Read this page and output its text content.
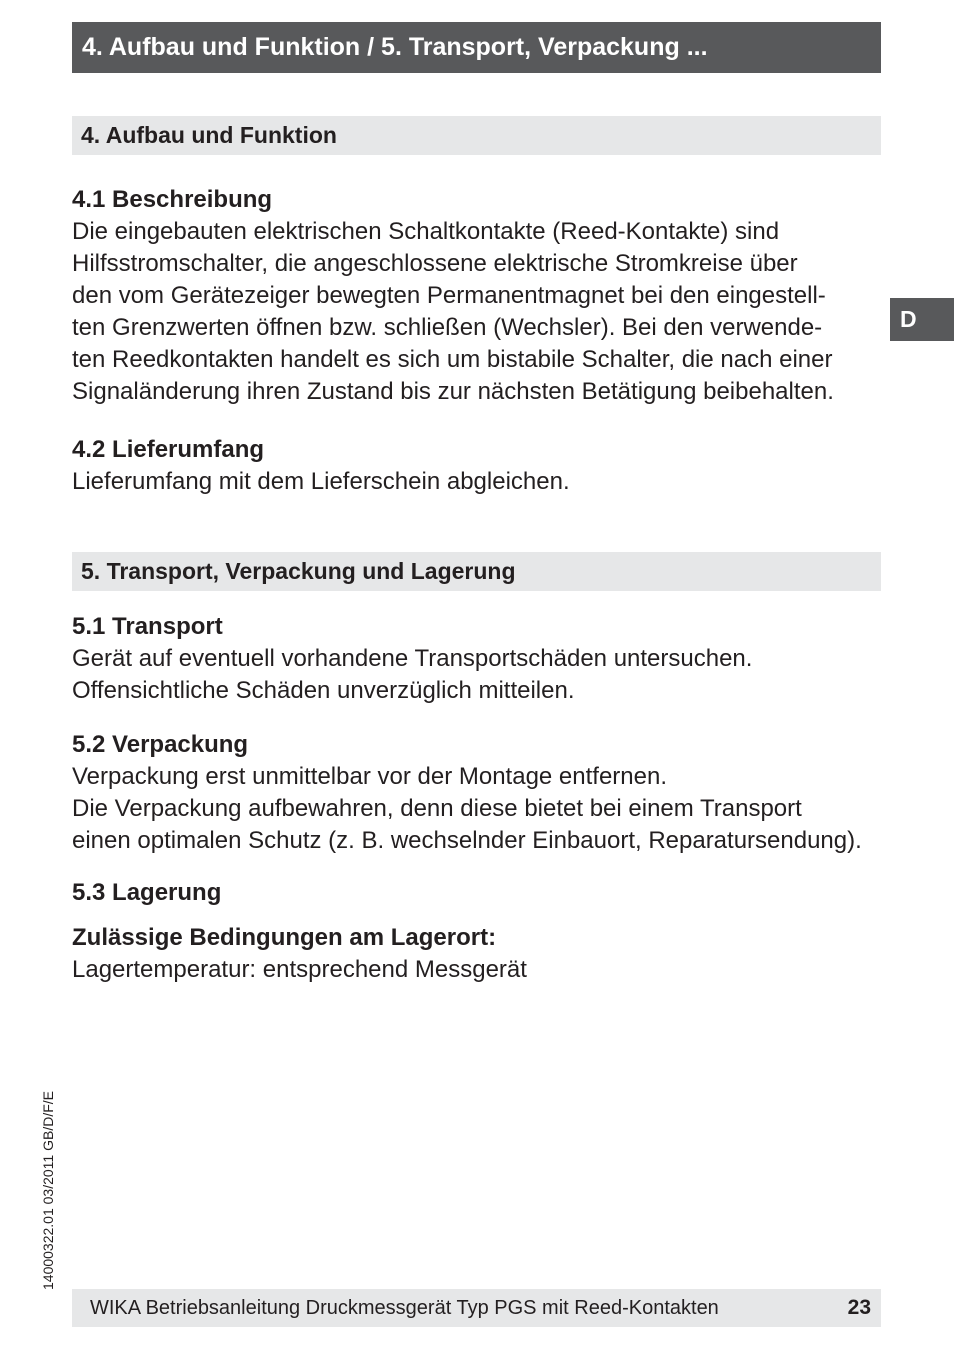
4. Aufbau und Funktion / 5. Transport, Verpackung ...
D
4. Aufbau und Funktion
4.1 Beschreibung
Die eingebauten elektrischen Schaltkontakte (Reed-Kontakte) sind
Hilfsstromschalter, die angeschlossene elektrische Stromkreise über
den vom Gerätezeiger bewegten Permanentmagnet bei den eingestell-
ten Grenzwerten öffnen bzw. schließen (Wechsler). Bei den verwende-
ten Reedkontakten handelt es sich um bistabile Schalter, die nach einer
Signaländerung ihren Zustand bis zur nächsten Betätigung beibehalten.
4.2 Lieferumfang
Lieferumfang mit dem Lieferschein abgleichen.
5. Transport, Verpackung und Lagerung
5.1 Transport
Gerät auf eventuell vorhandene Transportschäden untersuchen.
Offensichtliche Schäden unverzüglich mitteilen.
5.2 Verpackung
Verpackung erst unmittelbar vor der Montage entfernen.
Die Verpackung aufbewahren, denn diese bietet bei einem Transport
einen optimalen Schutz (z. B. wechselnder Einbauort, Reparatursendung).
5.3 Lagerung
Zulässige Bedingungen am Lagerort:
Lagertemperatur: entsprechend Messgerät
14000322.01 03/2011 GB/D/F/E
WIKA Betriebsanleitung Druckmessgerät Typ PGS mit Reed-Kontakten	23
